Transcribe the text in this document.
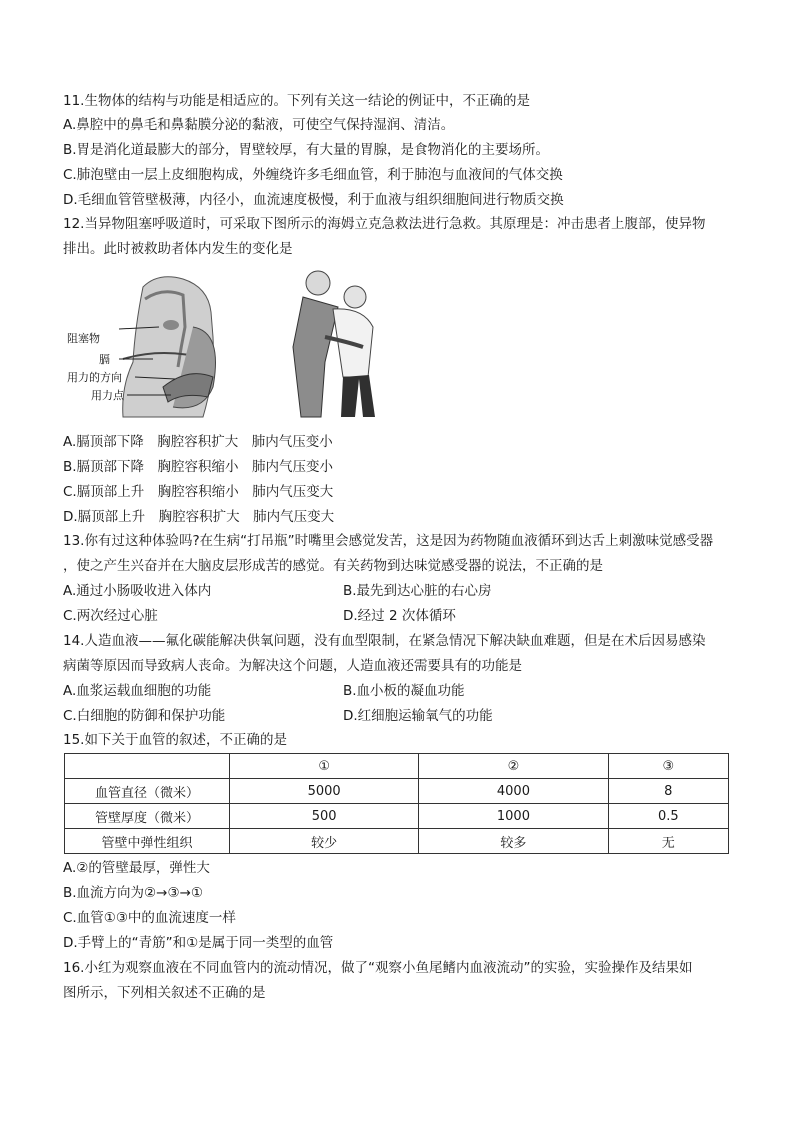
11.生物体的结构与功能是相适应的。下列有关这一结论的例证中，不正确的是
A.鼻腔中的鼻毛和鼻黏膜分泌的黏液，可使空气保持湿润、清洁。
B.胃是消化道最膨大的部分，胃壁较厚，有大量的胃腺，是食物消化的主要场所。
C.肺泡壁由一层上皮细胞构成，外缠绕许多毛细血管，利于肺泡与血液间的气体交换
D.毛细血管管壁极薄，内径小，血流速度极慢，利于血液与组织细胞间进行物质交换
12.当异物阻塞呼吸道时，可采取下图所示的海姆立克急救法进行急救。其原理是：冲击患者上腹部，使异物
排出。此时被救助者体内发生的变化是
阻塞物
膈
用力的方向
用力点
A.膈顶部下降　胸腔容积扩大　肺内气压变小
B.膈顶部下降　胸腔容积缩小　肺内气压变小
C.膈顶部上升　胸腔容积缩小　肺内气压变大
D.膈顶部上升　胸腔容积扩大　肺内气压变大
13.你有过这种体验吗?在生病“打吊瓶”时嘴里会感觉发苦，这是因为药物随血液循环到达舌上刺激味觉感受器
，使之产生兴奋并在大脑皮层形成苦的感觉。有关药物到达味觉感受器的说法，不正确的是
A.通过小肠吸收进入体内	B.最先到达心脏的右心房
C.两次经过心脏	D.经过 2 次体循环
14.人造血液——氟化碳能解决供氧问题，没有血型限制，在紧急情况下解决缺血难题，但是在术后因易感染
病菌等原因而导致病人丧命。为解决这个问题，人造血液还需要具有的功能是
A.血浆运载血细胞的功能	B.血小板的凝血功能
C.白细胞的防御和保护功能	D.红细胞运输氧气的功能
15.如下关于血管的叙述，不正确的是
	①	②	③
血管直径（微米）	5000	4000	8
管壁厚度（微米）	500	1000	0.5
管壁中弹性组织	较少	较多	无
A.②的管壁最厚，弹性大
B.血流方向为②→③→①
C.血管①③中的血流速度一样
D.手臂上的“青筋”和①是属于同一类型的血管
16.小红为观察血液在不同血管内的流动情况，做了“观察小鱼尾鳍内血液流动”的实验，实验操作及结果如
图所示，下列相关叙述不正确的是
